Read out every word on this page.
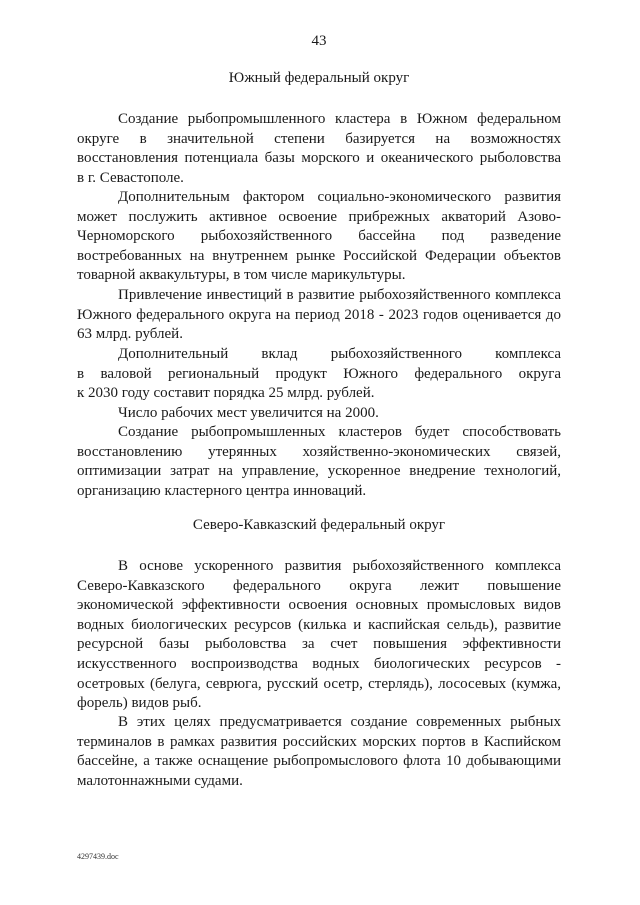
43
Южный федеральный округ
Создание рыбопромышленного кластера в Южном федеральном
округе в значительной степени базируется на возможностях
восстановления потенциала базы морского и океанического рыболовства
в г. Севастополе.
Дополнительным фактором социально-экономического развития
может послужить активное освоение прибрежных акваторий Азово-
Черноморского рыбохозяйственного бассейна под разведение
востребованных на внутреннем рынке Российской Федерации объектов
товарной аквакультуры, в том числе марикультуры.
Привлечение инвестиций в развитие рыбохозяйственного комплекса
Южного федерального округа на период 2018 - 2023 годов оценивается до
63 млрд. рублей.
Дополнительный вклад рыбохозяйственного комплекса
в валовой региональный продукт Южного федерального округа
к 2030 году составит порядка 25 млрд. рублей.
Число рабочих мест увеличится на 2000.
Создание рыбопромышленных кластеров будет способствовать
восстановлению утерянных хозяйственно-экономических связей,
оптимизации затрат на управление, ускоренное внедрение технологий,
организацию кластерного центра инноваций.
Северо-Кавказский федеральный округ
В основе ускоренного развития рыбохозяйственного комплекса
Северо-Кавказского федерального округа лежит повышение
экономической эффективности освоения основных промысловых видов
водных биологических ресурсов (килька и каспийская сельдь), развитие
ресурсной базы рыболовства за счет повышения эффективности
искусственного воспроизводства водных биологических ресурсов -
осетровых (белуга, севрюга, русский осетр, стерлядь), лососевых (кумжа,
форель) видов рыб.
В этих целях предусматривается создание современных рыбных
терминалов в рамках развития российских морских портов в Каспийском
бассейне, а также оснащение рыбопромыслового флота 10 добывающими
малотоннажными судами.
4297439.doc
